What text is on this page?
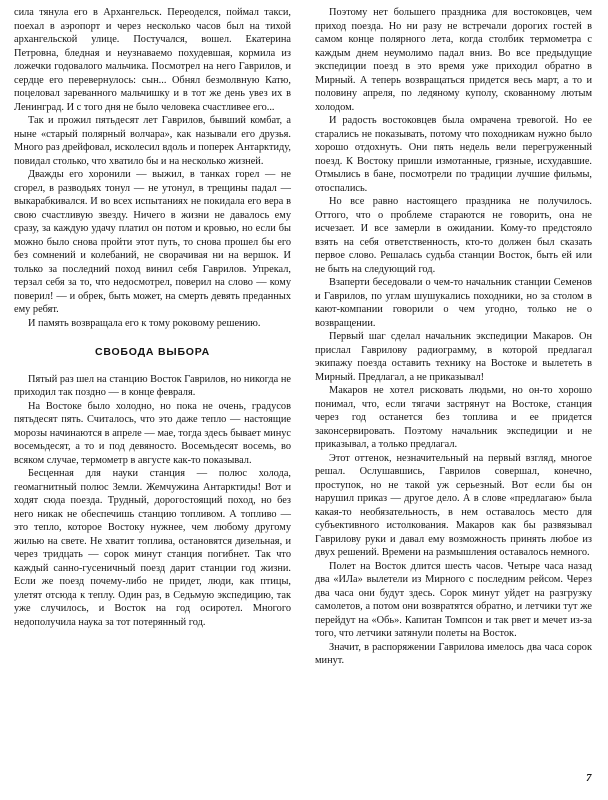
сила тянула его в Архангельск. Переоделся, поймал такси, поехал в аэропорт и через несколько часов был на тихой архангельской улице. Постучался, вошел. Екатерина Петровна, бледная и неузнаваемо похудевшая, кормила из ложечки годовалого мальчика. Посмотрел на него Гаврилов, и сердце его перевернулось: сын... Обнял безмолвную Катю, поцеловал зареванного мальчишку и в тот же день увез их в Ленинград. И с того дня не было человека счастливее его...

Так и прожил пятьдесят лет Гаврилов, бывший комбат, а ныне «старый полярный волчара», как называли его друзья. Много раз дрейфовал, исколесил вдоль и поперек Антарктиду, повидал столько, что хватило бы и на несколько жизней.

Дважды его хоронили — выжил, в танках горел — не сгорел, в разводьях тонул — не утонул, в трещины падал — выкарабкивался. И во всех испытаниях не покидала его вера в свою счастливую звезду. Ничего в жизни не давалось ему сразу, за каждую удачу платил он потом и кровью, но если бы можно было снова пройти этот путь, то снова прошел бы его без сомнений и колебаний, не сворачивая ни на вершок. И только за последний поход винил себя Гаврилов. Упрекал, терзал себя за то, что недосмотрел, поверил на слово — кому поверил! — и обрек, быть может, на смерть девять преданных ему ребят.

И память возвращала его к тому роковому решению.

СВОБОДА ВЫБОРА

Пятый раз шел на станцию Восток Гаврилов, но никогда не приходил так поздно — в конце февраля.

На Востоке было холодно, но пока не очень, градусов пятьдесят пять. Считалось, что это даже тепло — настоящие морозы начинаются в апреле — мае, тогда здесь бывает минус восемьдесят, а то и под девяносто. Восемьдесят восемь, во всяком случае, термометр в августе как-то показывал.

Бесценная для науки станция — полюс холода, геомагнитный полюс Земли. Жемчужина Антарктиды! Вот и ходят сюда поезда. Трудный, дорогостоящий поход, но без него никак не обеспечишь станцию топливом. А топливо — это тепло, которое Востоку нужнее, чем любому другому жилью на свете. Не хватит топлива, остановятся дизельная, и через тридцать — сорок минут станция погибнет. Так что каждый санно-гусеничный поезд дарит станции год жизни. Если же поезд почему-либо не придет, люди, как птицы, улетят отсюда к теплу. Один раз, в Седьмую экспедицию, так уже случилось, и Восток на год осиротел. Многого недополучила наука за тот потерянный год.

Поэтому нет большего праздника для востоковцев, чем приход поезда. Но ни разу не встречали дорогих гостей в самом конце полярного лета, когда столбик термометра с каждым днем неумолимо падал вниз. Во все предыдущие экспедиции поезд в это время уже приходил обратно в Мирный. А теперь возвращаться придется весь март, а то и половину апреля, по ледяному куполу, скованному лютым холодом.

И радость востоковцев была омрачена тревогой. Но ее старались не показывать, потому что походникам нужно было хорошо отдохнуть. Они пять недель вели перегруженный поезд. К Востоку пришли измотанные, грязные, исхудавшие. Отмылись в бане, посмотрели по традиции лучшие фильмы, отоспались.

Но все равно настоящего праздника не получилось. Оттого, что о проблеме стараются не говорить, она не исчезает. И все замерли в ожидании. Кому-то предстояло взять на себя ответственность, кто-то должен был сказать первое слово. Решалась судьба станции Восток, быть ей или не быть на следующий год.

Взаперти беседовали о чем-то начальник станции Семенов и Гаврилов, по углам шушукались походники, но за столом в кают-компании говорили о чем угодно, только не о возвращении.

Первый шаг сделал начальник экспедиции Макаров. Он прислал Гаврилову радиограмму, в которой предлагал экипажу поезда оставить технику на Востоке и вылететь в Мирный. Предлагал, а не приказывал!

Макаров не хотел рисковать людьми, но он-то хорошо понимал, что, если тягачи застрянут на Востоке, станция через год останется без топлива и ее придется законсервировать. Поэтому начальник экспедиции и не приказывал, а только предлагал.

Этот оттенок, незначительный на первый взгляд, многое решал. Ослушавшись, Гаврилов совершал, конечно, проступок, но не такой уж серьезный. Вот если бы он нарушил приказ — другое дело. А в слове «предлагаю» была какая-то необязательность, в нем оставалось место для субъективного истолкования. Макаров как бы развязывал Гаврилову руки и давал ему возможность принять любое из двух решений. Времени на размышления оставалось немного.

Полет на Восток длится шесть часов. Четыре часа назад два «ИЛа» вылетели из Мирного с последним рейсом. Через два часа они будут здесь. Сорок минут уйдет на разгрузку самолетов, а потом они возвратятся обратно, и летчики тут же перейдут на «Обь». Капитан Томпсон и так рвет и мечет из-за того, что летчики затянули полеты на Восток.

Значит, в распоряжении Гаврилова имелось два часа сорок минут.

7
